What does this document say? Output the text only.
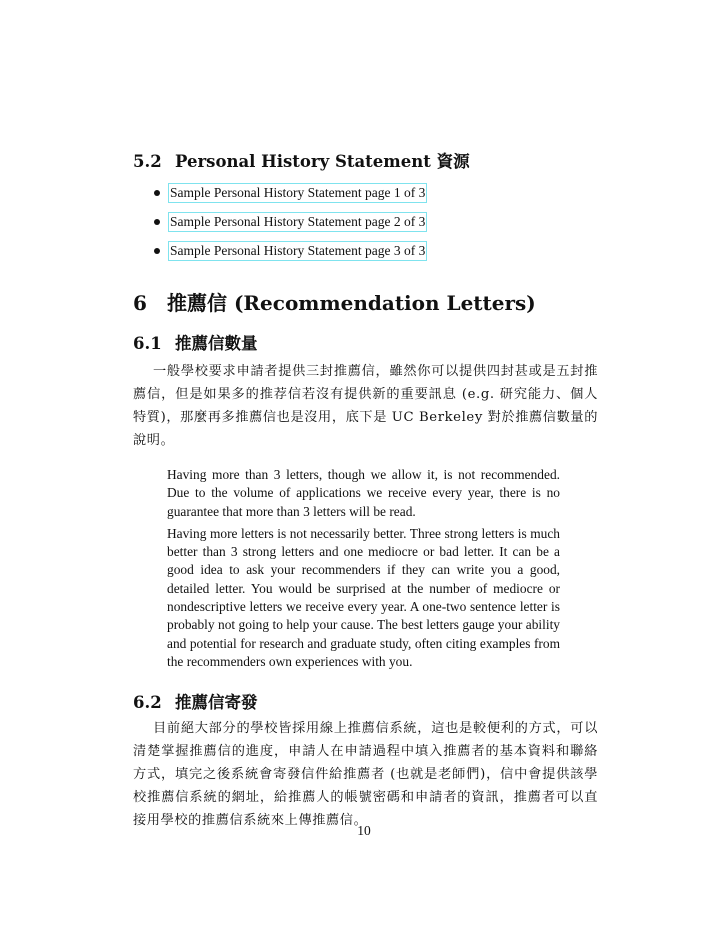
5.2 Personal History Statement 資源
Sample Personal History Statement page 1 of 3
Sample Personal History Statement page 2 of 3
Sample Personal History Statement page 3 of 3
6	推薦信 (Recommendation Letters)
6.1 推薦信數量

一般學校要求申請者提供三封推薦信，雖然你可以提供四封甚或是五封推薦信，但是如果多的推荐信若沒有提供新的重要訊息 (e.g. 研究能力、個人特質)，那麼再多推薦信也是沒用，底下是 UC Berkeley 對於推薦信數量的說明。

Having more than 3 letters, though we allow it, is not recommended. Due to the volume of applications we receive every year, there is no guarantee that more than 3 letters will be read.

Having more letters is not necessarily better. Three strong letters is much better than 3 strong letters and one mediocre or bad letter. It can be a good idea to ask your recommenders if they can write you a good, detailed letter. You would be surprised at the number of mediocre or nondescriptive letters we receive every year. A one-two sentence letter is probably not going to help your cause. The best letters gauge your ability and potential for research and graduate study, often citing examples from the recommenders own experiences with you.

6.2 推薦信寄發

目前絕大部分的學校皆採用線上推薦信系統，這也是較便利的方式，可以清楚掌握推薦信的進度，申請人在申請過程中填入推薦者的基本資料和聯絡方式，填完之後系統會寄發信件給推薦者 (也就是老師們)，信中會提供該學校推薦信系統的網址，給推薦人的帳號密碼和申請者的資訊，推薦者可以直接用學校的推薦信系統來上傳推薦信。

10
